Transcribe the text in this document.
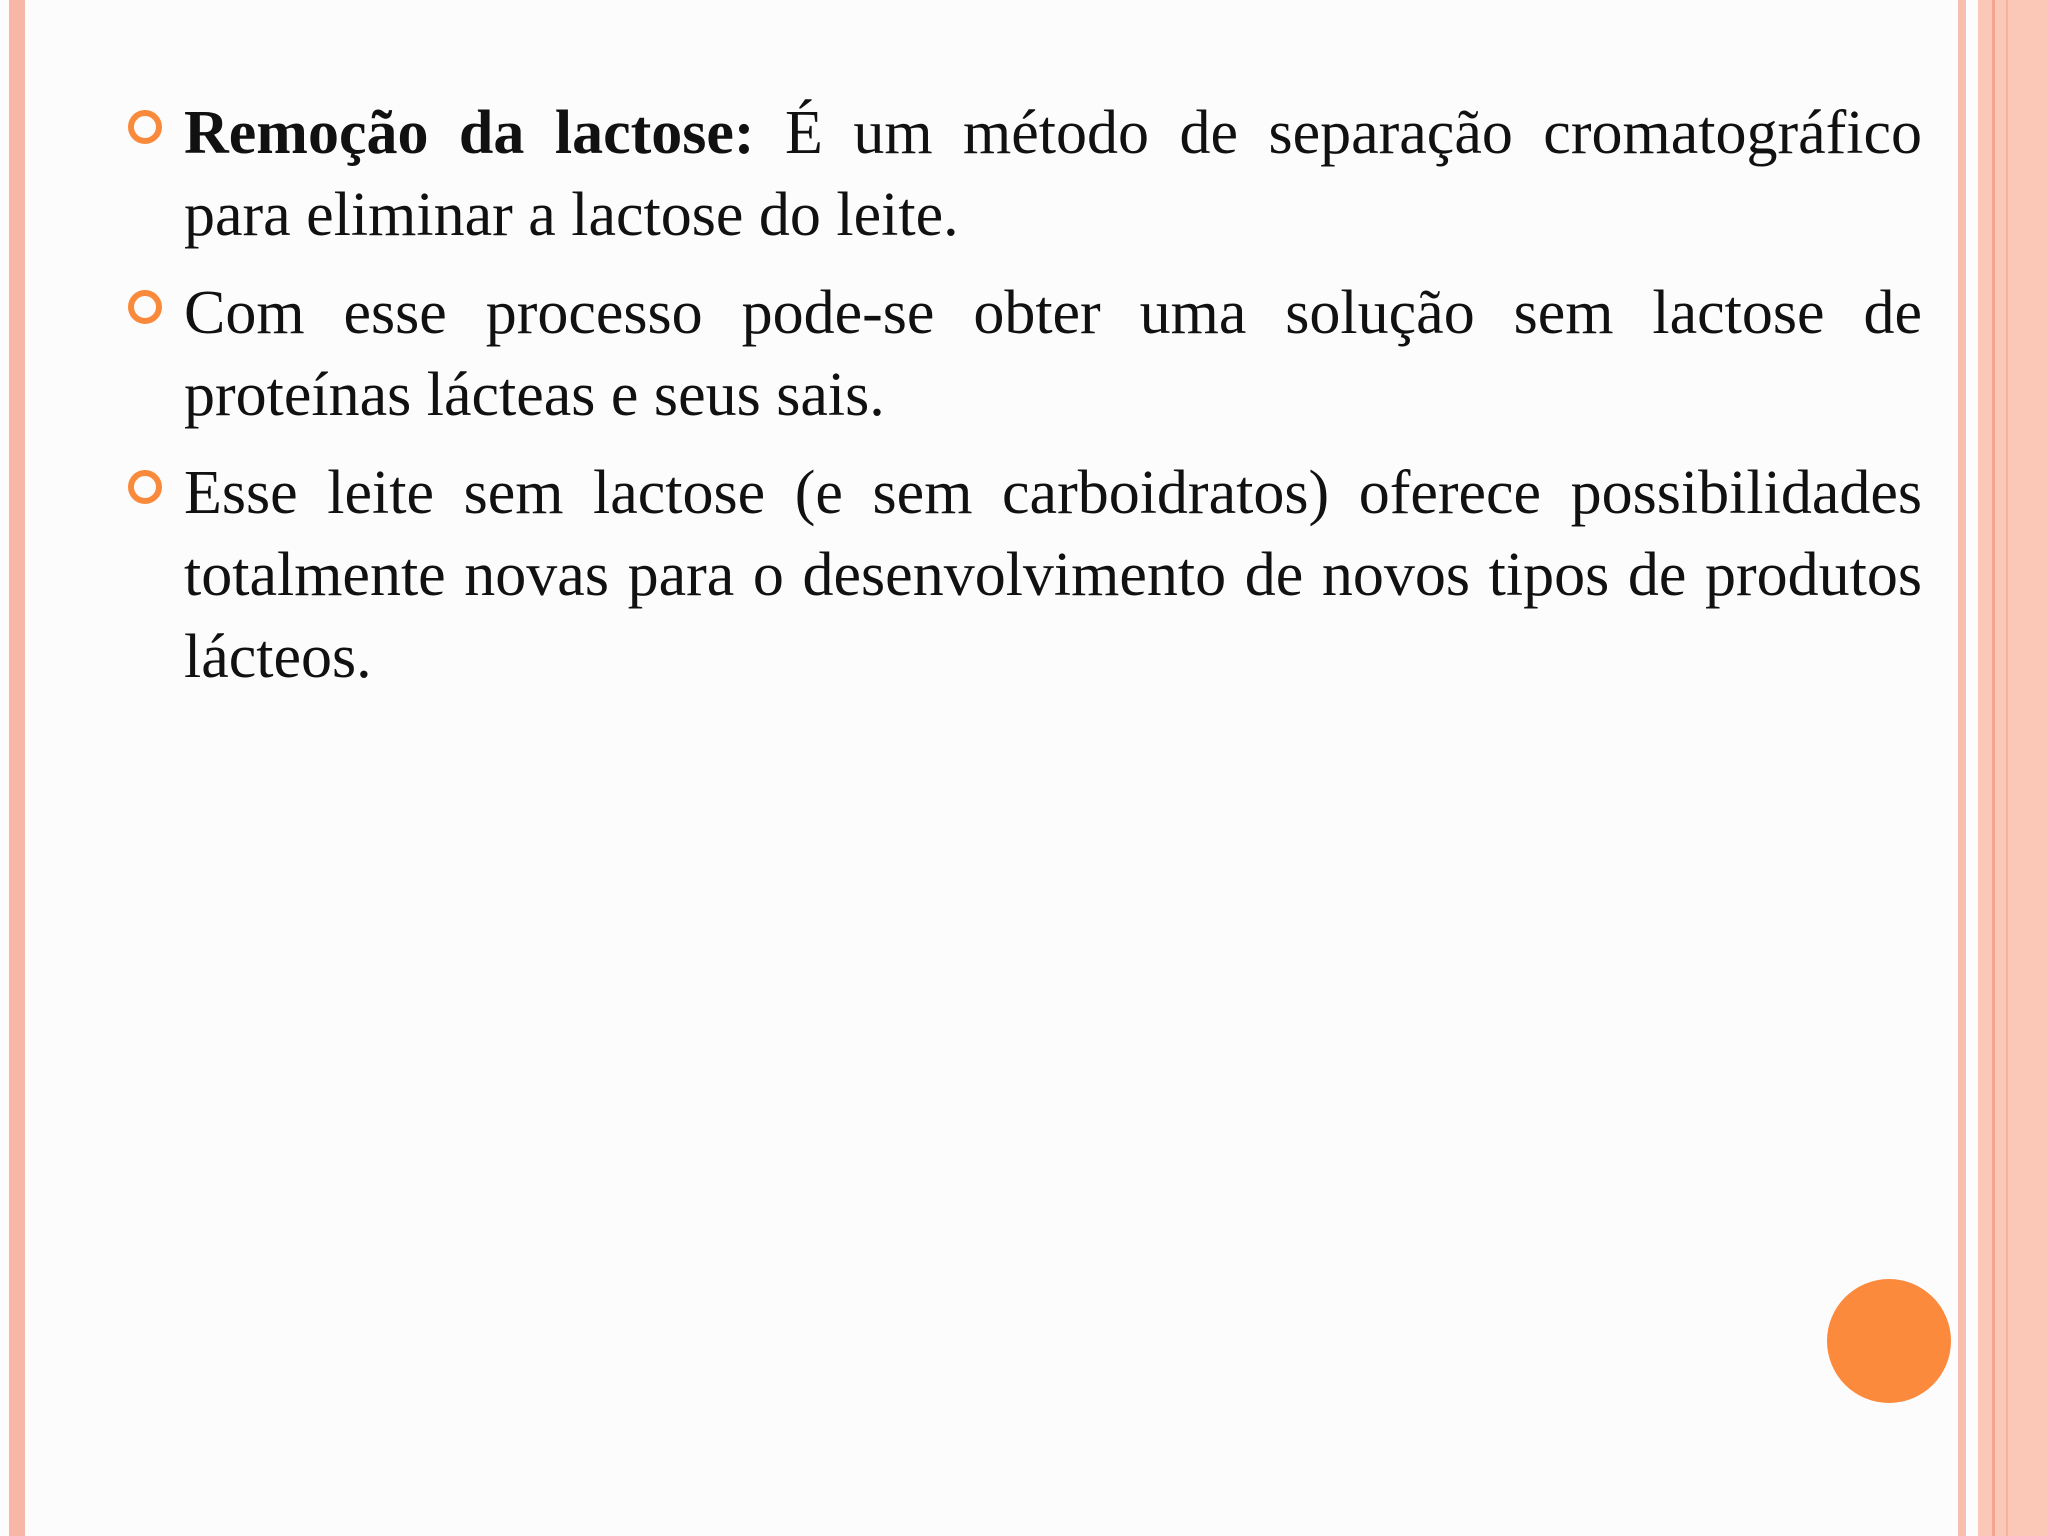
Remoção da lactose: É um método de separação cromatográfico para eliminar a lactose do leite.

Com esse processo pode-se obter uma solução sem lactose de proteínas lácteas e seus sais.

Esse leite sem lactose (e sem carboidratos) oferece possibilidades totalmente novas para o desenvolvimento de novos tipos de produtos lácteos.
